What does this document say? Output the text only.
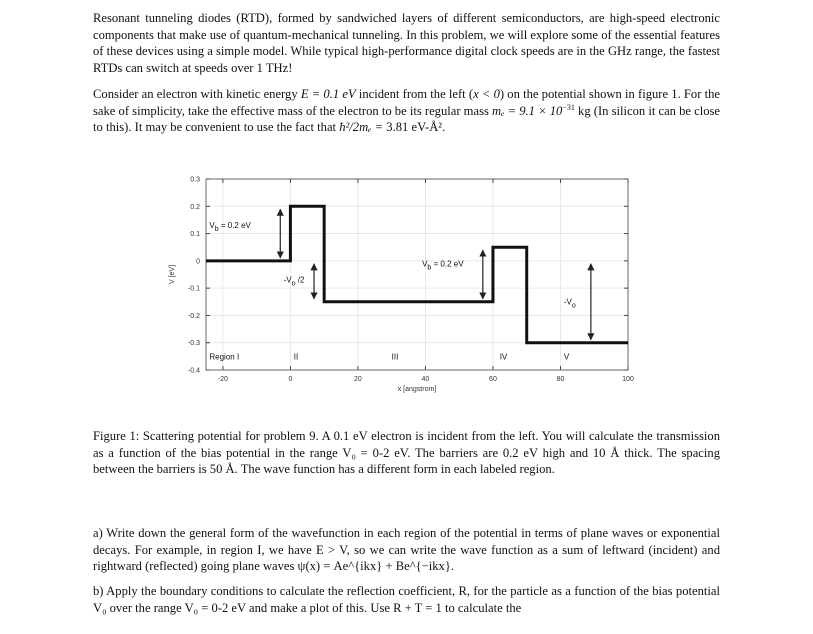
Resonant tunneling diodes (RTD), formed by sandwiched layers of different semiconductors, are high-speed electronic components that make use of quantum-mechanical tunneling. In this problem, we will explore some of the essential features of these devices using a simple model. While typical high-performance digital clock speeds are in the GHz range, the fastest RTDs can switch at speeds over 1 THz!
Consider an electron with kinetic energy E = 0.1 eV incident from the left (x < 0) on the potential shown in figure 1. For the sake of simplicity, take the effective mass of the electron to be its regular mass $m_e = 9.1 \times 10^{-31}$ kg (In silicon it can be close to this). It may be convenient to use the fact that ħ²/2mₑ = 3.81 eV-Å².
-20	0	20	40	60	80	100
0.3
0.2
0.1
0
-0.1
-0.2
-0.3
-0.4
Vb = 0.2 eV
-Vo /2
Vb = 0.2 eV
-Vo
Region I	II	III	IV	V
x [angstrom]
V [eV]
Figure 1: Scattering potential for problem 9. A 0.1 eV electron is incident from the left. You will calculate the transmission as a function of the bias potential in the range V₀ = 0-2 eV. The barriers are 0.2 eV high and 10 Å thick. The spacing between the barriers is 50 Å. The wave function has a different form in each labeled region.
a) Write down the general form of the wavefunction in each region of the potential in terms of plane waves or exponential decays. For example, in region I, we have E > V, so we can write the wave function as a sum of leftward (incident) and rightward (reflected) going plane waves ψ(x) = Ae^{ikx} + Be^{−ikx}.
b) Apply the boundary conditions to calculate the reflection coefficient, R, for the particle as a function of the bias potential V₀ over the range V₀ = 0-2 eV and make a plot of this. Use R + T = 1 to calculate the
